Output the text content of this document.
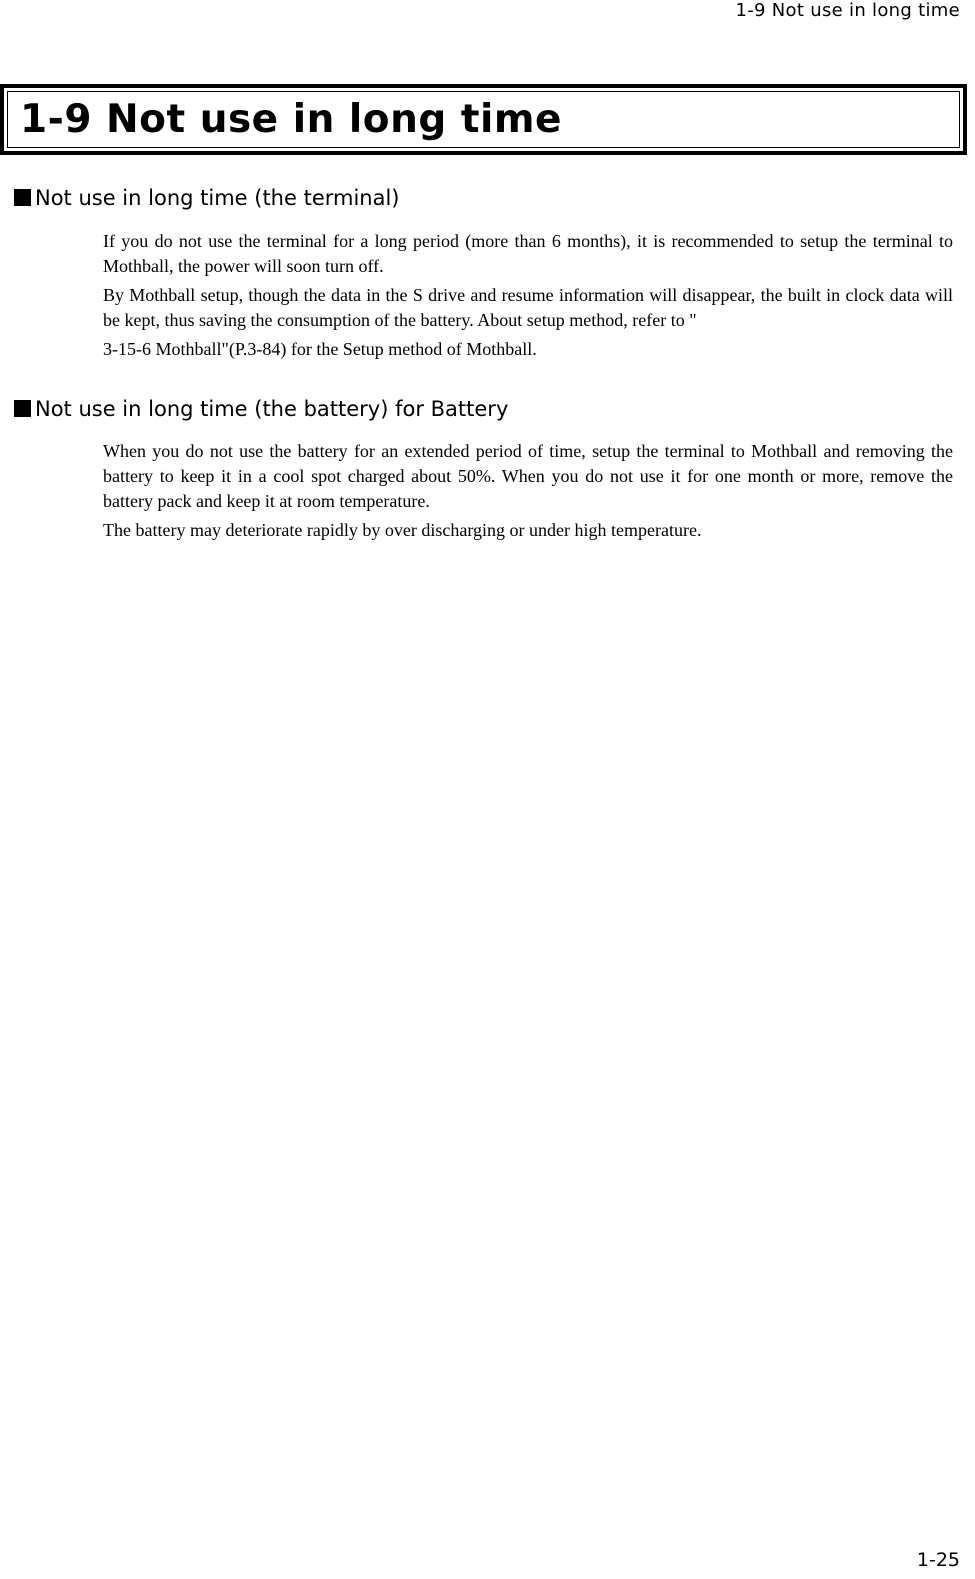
1-9 Not use in long time
1-9 Not use in long time
Not use in long time (the terminal)

If you do not use the terminal for a long period (more than 6 months), it is recommended to setup the terminal to Mothball, the power will soon turn off.

By Mothball setup, though the data in the S drive and resume information will disappear, the built in clock data will be kept, thus saving the consumption of the battery. About setup method, refer to "

3-15-6 Mothball"(P.3-84) for the Setup method of Mothball.

Not use in long time (the battery) for Battery

When you do not use the battery for an extended period of time, setup the terminal to Mothball and removing the battery to keep it in a cool spot charged about 50%. When you do not use it for one month or more, remove the battery pack and keep it at room temperature.

The battery may deteriorate rapidly by over discharging or under high temperature.

1-25
